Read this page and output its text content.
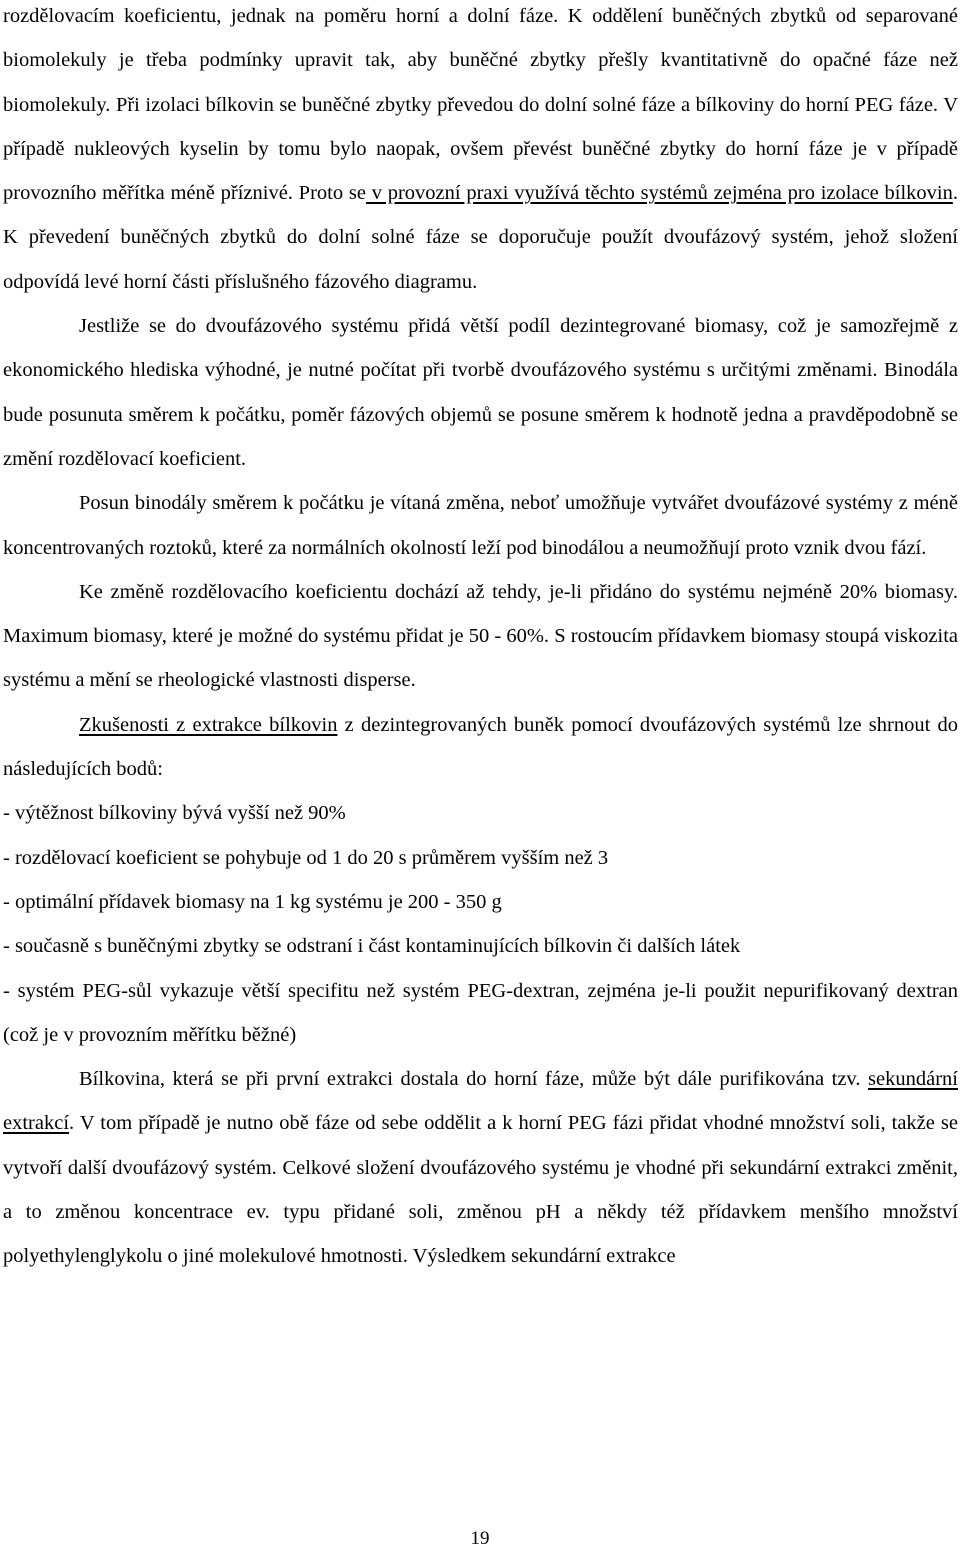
rozdělovacím koeficientu, jednak na poměru horní a dolní fáze. K oddělení buněčných zbytků od separované biomolekuly je třeba podmínky upravit tak, aby buněčné zbytky přešly kvantitativně do opačné fáze než biomolekuly. Při izolaci bílkovin se buněčné zbytky převedou do dolní solné fáze a bílkoviny do horní PEG fáze. V případě nukleových kyselin by tomu bylo naopak, ovšem převést buněčné zbytky do horní fáze je v případě provozního měřítka méně příznivé. Proto se v provozní praxi využívá těchto systémů zejména pro izolace bílkovin. K převedení buněčných zbytků do dolní solné fáze se doporučuje použít dvoufázový systém, jehož složení odpovídá levé horní části příslušného fázového diagramu.

Jestliže se do dvoufázového systému přidá větší podíl dezintegrované biomasy, což je samozřejmě z ekonomického hlediska výhodné, je nutné počítat při tvorbě dvoufázového systému s určitými změnami. Binodála bude posunuta směrem k počátku, poměr fázových objemů se posune směrem k hodnotě jedna a pravděpodobně se změní rozdělovací koeficient.

Posun binodály směrem k počátku je vítaná změna, neboť umožňuje vytvářet dvoufázové systémy z méně koncentrovaných roztoků, které za normálních okolností leží pod binodálou a neumožňují proto vznik dvou fází.

Ke změně rozdělovacího koeficientu dochází až tehdy, je-li přidáno do systému nejméně 20% biomasy. Maximum biomasy, které je možné do systému přidat je 50 - 60%. S rostoucím přídavkem biomasy stoupá viskozita systému a mění se rheologické vlastnosti disperse.

Zkušenosti z extrakce bílkovin z dezintegrovaných buněk pomocí dvoufázových systémů lze shrnout do následujících bodů:

- výtěžnost bílkoviny bývá vyšší než 90%

- rozdělovací koeficient se pohybuje od 1 do 20 s průměrem vyšším než 3

- optimální přídavek biomasy na 1 kg systému je 200 - 350 g

- současně s buněčnými zbytky se odstraní i část kontaminujících bílkovin či dalších látek

- systém PEG-sůl vykazuje větší specifitu než systém PEG-dextran, zejména je-li použit nepurifikovaný dextran (což je v provozním měřítku běžné)

Bílkovina, která se při první extrakci dostala do horní fáze, může být dále purifikována tzv. sekundární extrakcí. V tom případě je nutno obě fáze od sebe oddělit a k horní PEG fázi přidat vhodné množství soli, takže se vytvoří další dvoufázový systém. Celkové složení dvoufázového systému je vhodné při sekundární extrakci změnit, a to změnou koncentrace ev. typu přidané soli, změnou pH a někdy též přídavkem menšího množství polyethylenglykolu o jiné molekulové hmotnosti. Výsledkem sekundární extrakce

19
